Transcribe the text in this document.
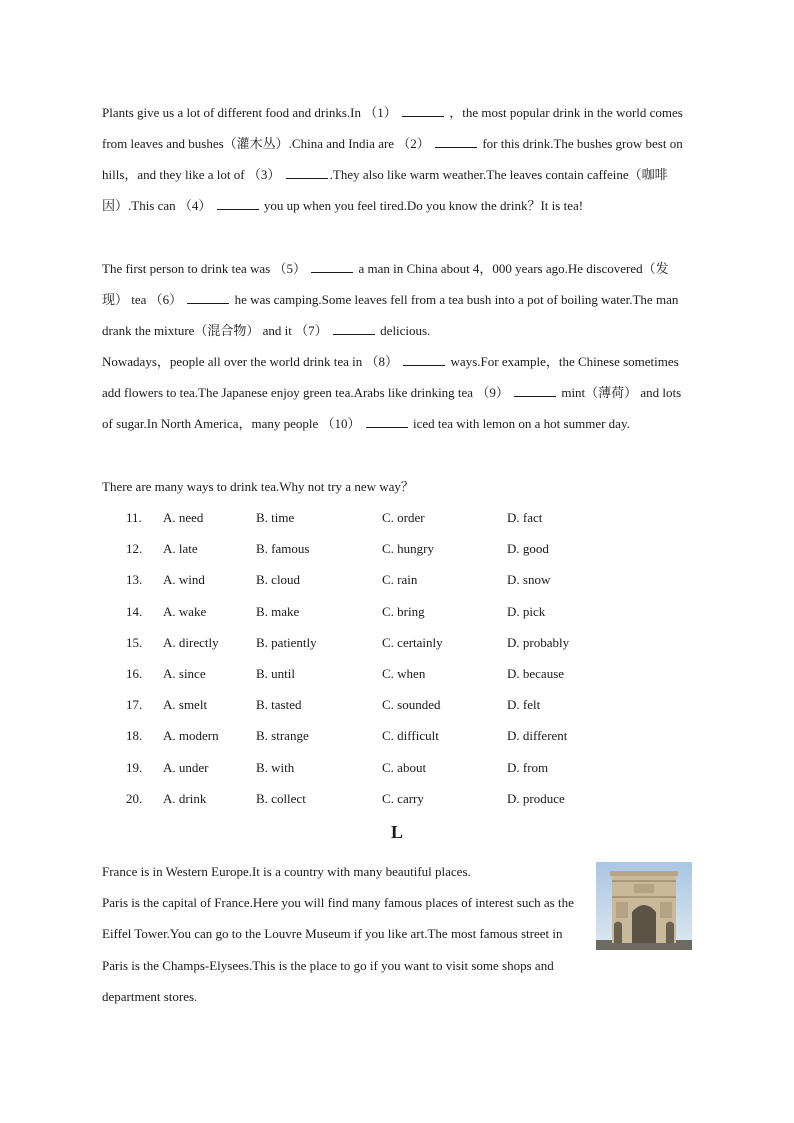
Plants give us a lot of different food and drinks.In （1）	，the most popular drink in the world comes from leaves and bushes（灌木丛）.China and India are （2）	for this drink.The bushes grow best on hills，and they like a lot of （3）	.They also like warm weather.The leaves contain caffeine（咖啡因）.This can （4）	you up when you feel tired.Do you know the drink？It is tea!

The first person to drink tea was （5）	a man in China about 4，000 years ago.He discovered（发现） tea （6）	he was camping.Some leaves fell from a tea bush into a pot of boiling water.The man drank the mixture（混合物） and it （7）	delicious.

Nowadays，people all over the world drink tea in （8）	ways.For example，the Chinese sometimes add flowers to tea.The Japanese enjoy green tea.Arabs like drinking tea （9）	mint（薄荷） and lots of sugar.In North America，many people （10）	iced tea with lemon on a hot summer day.

There are many ways to drink tea.Why not try a new way？

11. A. need	B. time	C. order	D. fact
12. A. late	B. famous	C. hungry	D. good
13. A. wind	B. cloud	C. rain	D. snow
14. A. wake	B. make	C. bring	D. pick
15. A. directly	B. patiently	C. certainly	D. probably
16. A. since	B. until	C. when	D. because
17. A. smelt	B. tasted	C. sounded	D. felt
18. A. modern	B. strange	C. difficult	D. different
19. A. under	B. with	C. about	D. from
20. A. drink	B. collect	C. carry	D. produce
L
France is in Western Europe.It is a country with many beautiful places.
Paris is the capital of France.Here you will find many famous places of interest such as the Eiffel Tower.You can go to the Louvre Museum if you like art.The most famous street in Paris is the Champs-Elysees.This is the place to go if you want to visit some shops and department stores.
